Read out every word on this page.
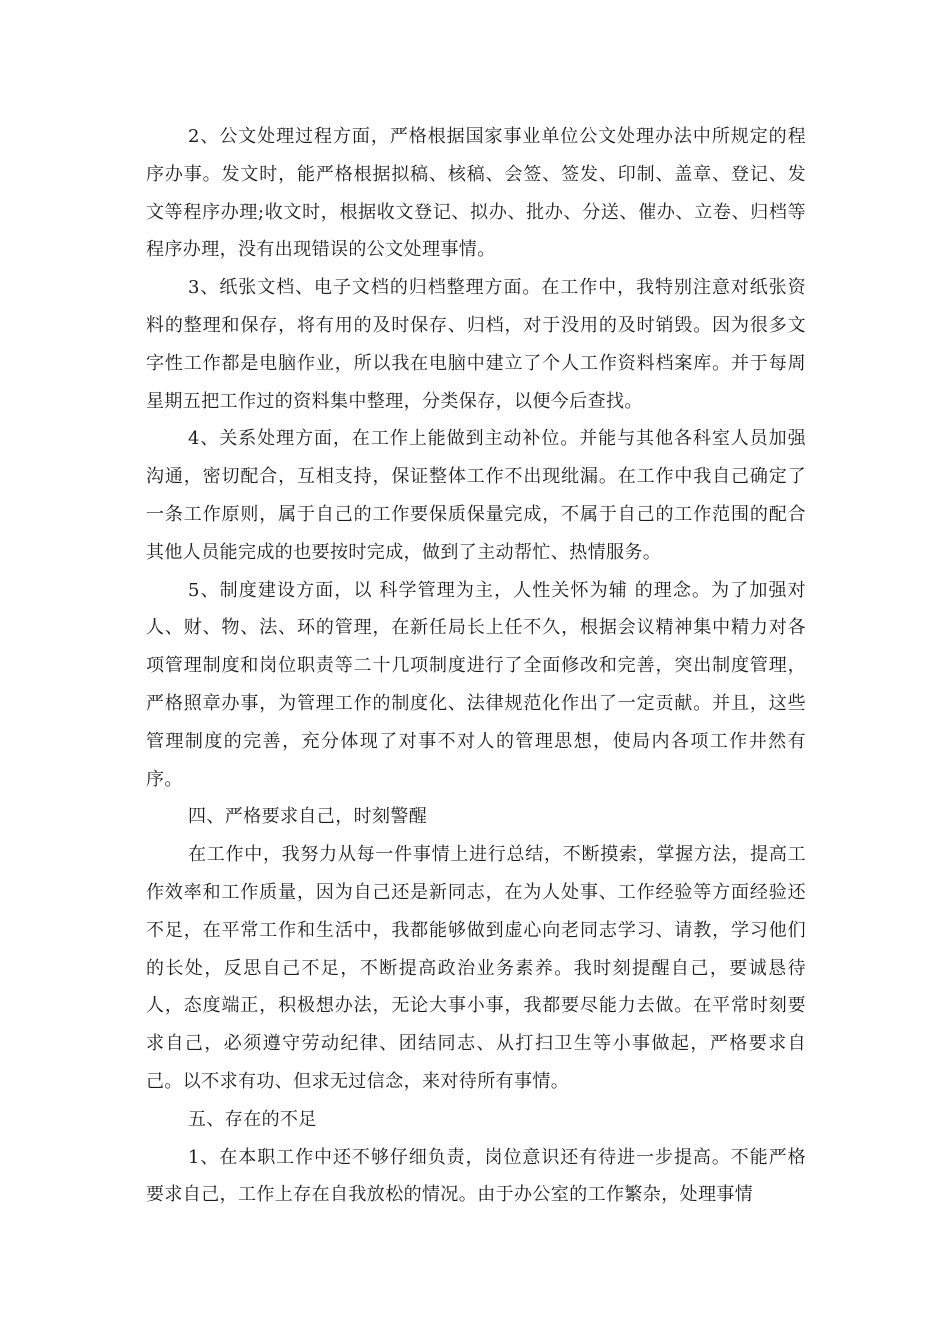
2、公文处理过程方面，严格根据国家事业单位公文处理办法中所规定的程序办事。发文时，能严格根据拟稿、核稿、会签、签发、印制、盖章、登记、发文等程序办理;收文时，根据收文登记、拟办、批办、分送、催办、立卷、归档等程序办理，没有出现错误的公文处理事情。

3、纸张文档、电子文档的归档整理方面。在工作中，我特别注意对纸张资料的整理和保存，将有用的及时保存、归档，对于没用的及时销毁。因为很多文字性工作都是电脑作业，所以我在电脑中建立了个人工作资料档案库。并于每周星期五把工作过的资料集中整理，分类保存，以便今后查找。

4、关系处理方面，在工作上能做到主动补位。并能与其他各科室人员加强沟通，密切配合，互相支持，保证整体工作不出现纰漏。在工作中我自己确定了一条工作原则，属于自己的工作要保质保量完成，不属于自己的工作范围的配合其他人员能完成的也要按时完成，做到了主动帮忙、热情服务。

5、制度建设方面，以 科学管理为主，人性关怀为辅 的理念。为了加强对人、财、物、法、环的管理，在新任局长上任不久，根据会议精神集中精力对各项管理制度和岗位职责等二十几项制度进行了全面修改和完善，突出制度管理，严格照章办事，为管理工作的制度化、法律规范化作出了一定贡献。并且，这些管理制度的完善，充分体现了对事不对人的管理思想，使局内各项工作井然有序。

四、严格要求自己，时刻警醒

在工作中，我努力从每一件事情上进行总结，不断摸索，掌握方法，提高工作效率和工作质量，因为自己还是新同志，在为人处事、工作经验等方面经验还不足，在平常工作和生活中，我都能够做到虚心向老同志学习、请教，学习他们的长处，反思自己不足，不断提高政治业务素养。我时刻提醒自己，要诚恳待人，态度端正，积极想办法，无论大事小事，我都要尽能力去做。在平常时刻要求自己，必须遵守劳动纪律、团结同志、从打扫卫生等小事做起，严格要求自己。以不求有功、但求无过信念，来对待所有事情。

五、存在的不足

1、在本职工作中还不够仔细负责，岗位意识还有待进一步提高。不能严格要求自己，工作上存在自我放松的情况。由于办公室的工作繁杂，处理事情
